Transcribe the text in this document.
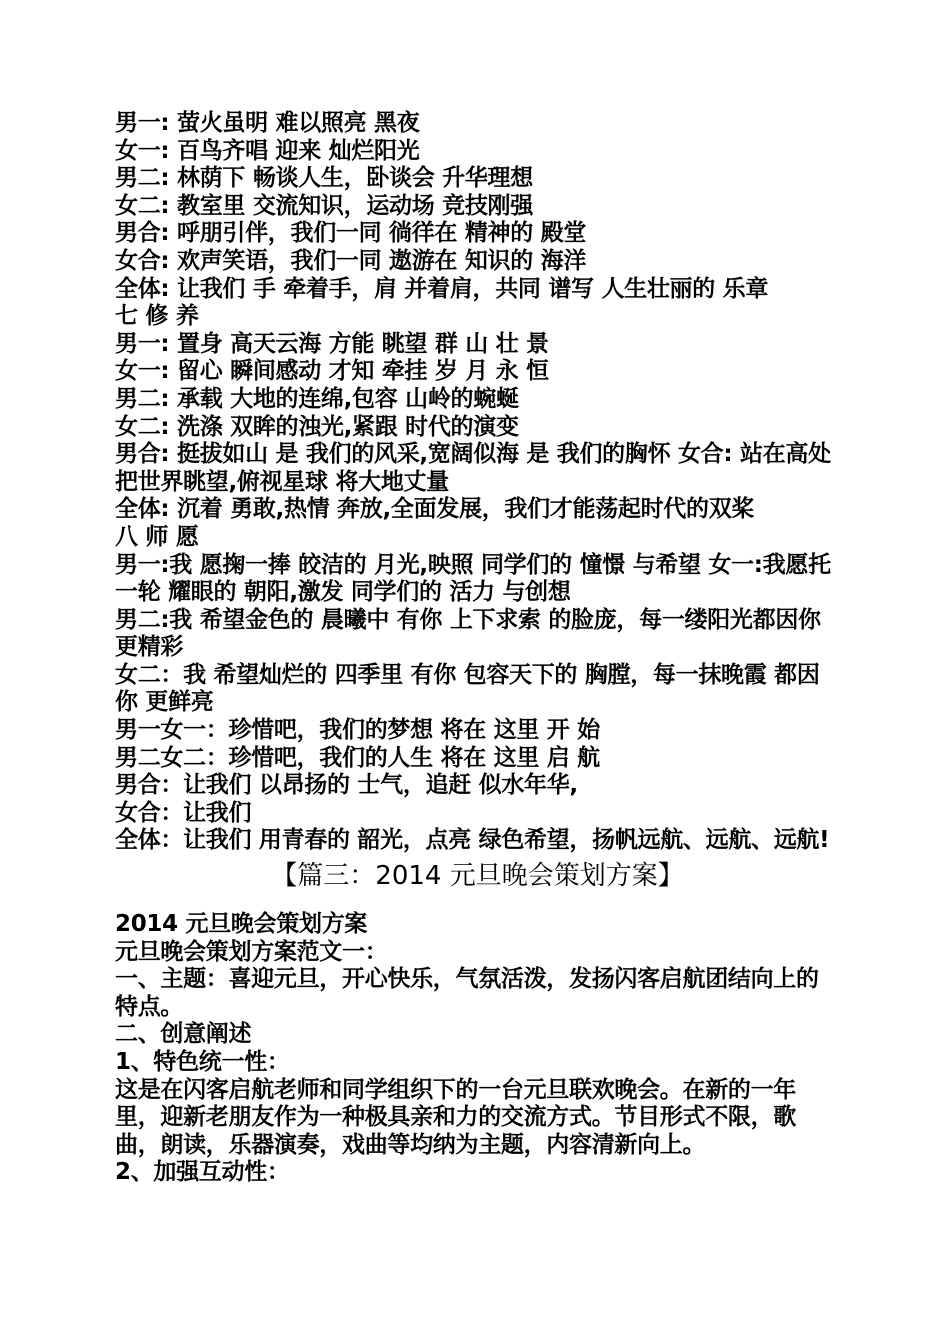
男一: 萤火虽明 难以照亮 黑夜
女一: 百鸟齐唱 迎来 灿烂阳光
男二: 林荫下 畅谈人生，卧谈会 升华理想
女二: 教室里 交流知识，运动场 竞技刚强
男合: 呼朋引伴，我们一同 徜徉在 精神的 殿堂
女合: 欢声笑语，我们一同 遨游在 知识的 海洋
全体: 让我们 手 牵着手，肩 并着肩，共同 谱写 人生壮丽的 乐章
七 修 养
男一: 置身 高天云海 方能 眺望 群 山 壮 景
女一: 留心 瞬间感动 才知 牵挂 岁 月 永 恒
男二: 承载 大地的连绵,包容 山岭的蜿蜒
女二: 洗涤 双眸的浊光,紧跟 时代的演变
男合: 挺拔如山 是 我们的风采,宽阔似海 是 我们的胸怀 女合: 站在高处 把世界眺望,俯视星球 将大地丈量
全体: 沉着 勇敢,热情 奔放,全面发展，我们才能荡起时代的双桨
八 师 愿
男一:我 愿掬一捧 皎洁的 月光,映照 同学们的 憧憬 与希望 女一:我愿托一轮 耀眼的 朝阳,激发 同学们的 活力 与创想
男二:我 希望金色的 晨曦中 有你 上下求索 的脸庞，每一缕阳光都因你 更精彩
女二：我 希望灿烂的 四季里 有你 包容天下的 胸膛，每一抹晚霞 都因你 更鲜亮
男一女一：珍惜吧，我们的梦想 将在 这里 开 始
男二女二：珍惜吧，我们的人生 将在 这里 启 航
男合：让我们 以昂扬的 士气，追赶 似水年华,
女合：让我们
全体：让我们 用青春的 韶光，点亮 绿色希望，扬帆远航、远航、远航!
【篇三：2014 元旦晚会策划方案】
2014 元旦晚会策划方案
元旦晚会策划方案范文一：
一、主题：喜迎元旦，开心快乐，气氛活泼，发扬闪客启航团结向上的特点。
二、创意阐述
1、特色统一性：
这是在闪客启航老师和同学组织下的一台元旦联欢晚会。在新的一年里，迎新老朋友作为一种极具亲和力的交流方式。节目形式不限，歌曲，朗读，乐器演奏，戏曲等均纳为主题，内容清新向上。
2、加强互动性：
